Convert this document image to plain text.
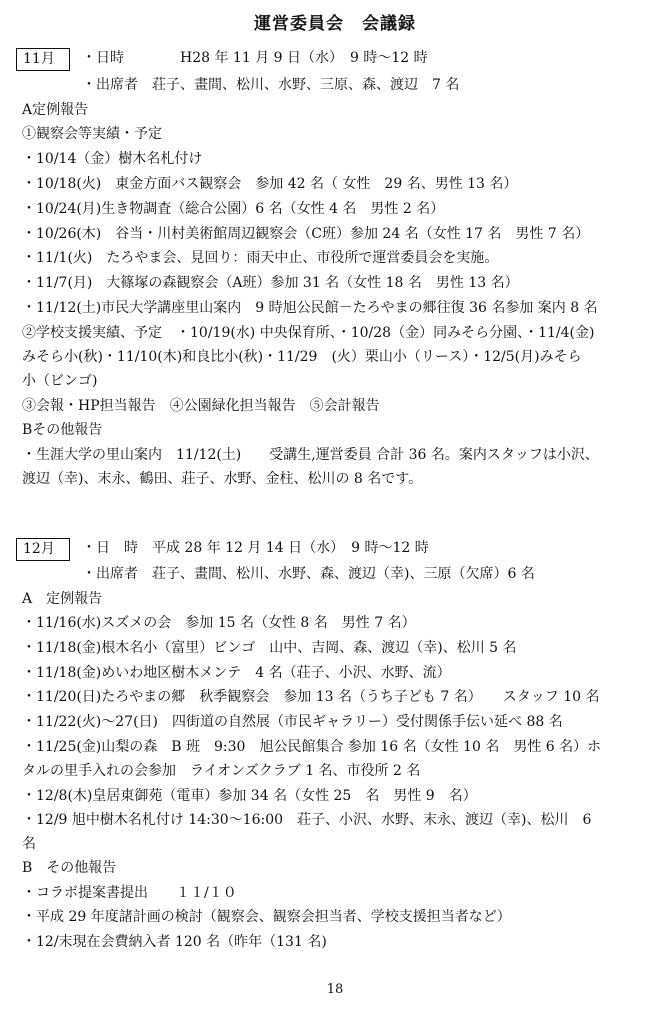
運営委員会　会議録
11月	・日時　　　　H28 年 11 月 9 日（水）　9 時～12 時
・出席者　荘子、畫間、松川、水野、三原、森、渡辺　7 名
A定例報告
①観察会等実績・予定
・10/14（金）樹木名札付け
・10/18(火)　東金方面バス観察会　参加 42 名（ 女性　29 名、男性 13 名）
・10/24(月)生き物調査（総合公園）6 名（女性 4 名　男性 2 名）
・10/26(木)　谷当・川村美術館周辺観察会（C班）参加 24 名（女性 17 名　男性 7 名）
・11/1(火)　たろやま会、見回り：雨天中止、市役所で運営委員会を実施。
・11/7(月)　大篠塚の森観察会（A班）参加 31 名（女性 18 名　男性 13 名）
・11/12(土)市民大学講座里山案内　9 時旭公民館－たろやまの郷往復 36 名参加 案内 8 名
②学校支援実績、予定　・10/19(水) 中央保育所、・10/28（金）同みそら分園、・11/4(金)
みそら小(秋)・11/10(木)和良比小(秋)・11/29　(火）栗山小（リース）・12/5(月)みそら
小（ビンゴ)
③会報・HP担当報告　④公園緑化担当報告　⑤会計報告
Bその他報告
・生涯大学の里山案内　11/12(土)　　受講生,運営委員 合計 36 名。案内スタッフは小沢、
渡辺（幸)、末永、鶴田、荘子、水野、金柱、松川の 8 名です。
12月	・日　時　平成 28 年 12 月 14 日（水）　9 時～12 時
・出席者　荘子、畫間、松川、水野、森、渡辺（幸)、三原（欠席）6 名
A　定例報告
・11/16(水)スズメの会　参加 15 名（女性 8 名　男性 7 名）
・11/18(金)根木名小（富里）ビンゴ　山中、吉岡、森、渡辺（幸)、松川 5 名
・11/18(金)めいわ地区樹木メンテ　4 名（荘子、小沢、水野、流）
・11/20(日)たろやまの郷　秋季観察会　参加 13 名（うち子ども 7 名）　　スタッフ 10 名
・11/22(火)～27(日)　四街道の自然展（市民ギャラリー）受付関係手伝い延べ 88 名
・11/25(金)山梨の森　B 班　9:30　旭公民館集合 参加 16 名（女性 10 名　男性 6 名）ホ
タルの里手入れの会参加　ライオンズクラブ 1 名、市役所 2 名
・12/8(木)皇居東御苑（電車）参加 34 名（女性 25　名　男性 9　名）
・12/9 旭中樹木名札付け 14:30～16:00　荘子、小沢、水野、末永、渡辺（幸)、松川　6
名
B　その他報告
・コラボ提案書提出　　１１/１０
・平成 29 年度諸計画の検討（観察会、観察会担当者、学校支援担当者など）
・12/末現在会費納入者 120 名（昨年（131 名)
18
